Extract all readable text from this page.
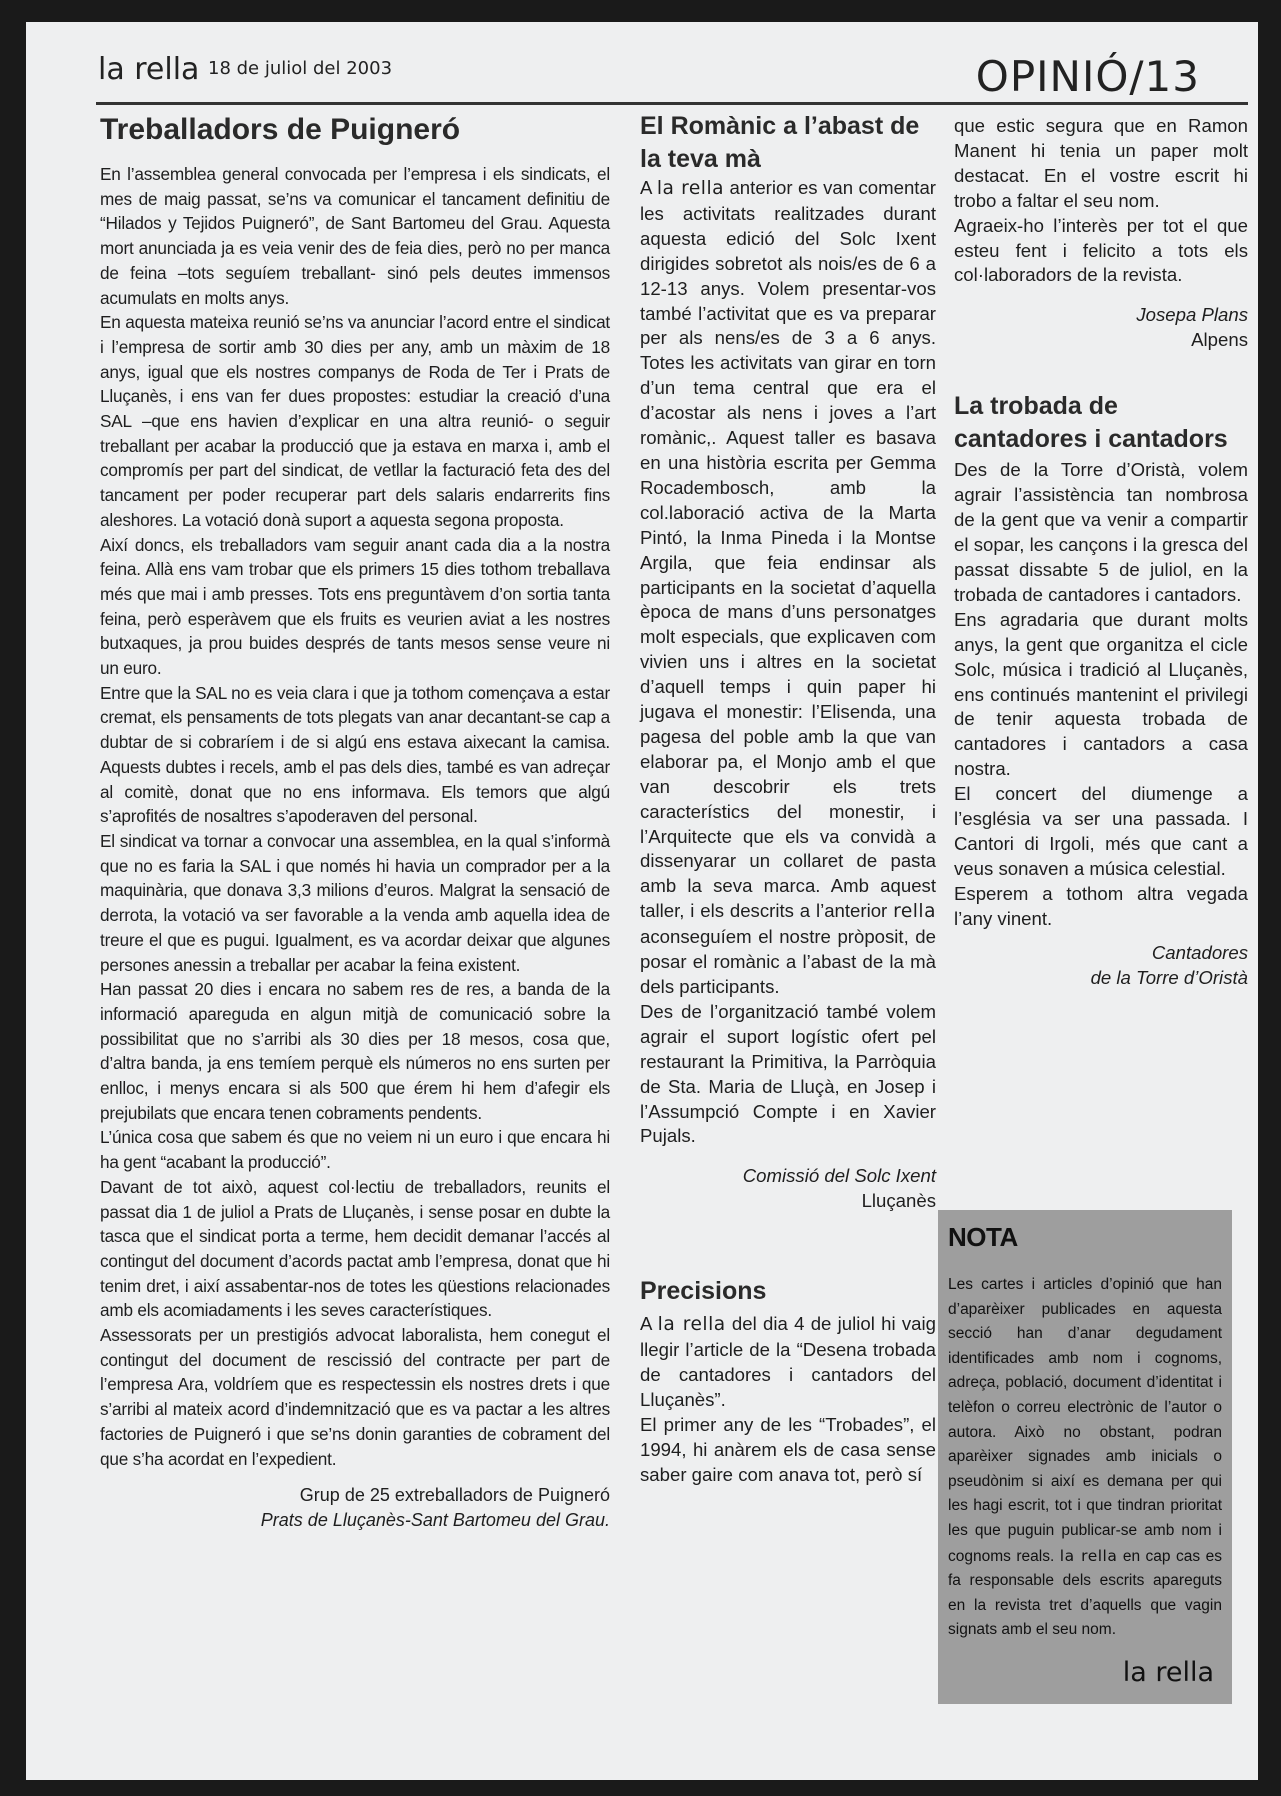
la rella 18 de juliol del 2003	OPINIÓ/13
Treballadors de Puigneró

En l’assemblea general convocada per l’empresa i els sindicats, el mes de maig passat, se’ns va comunicar el tancament definitiu de “Hilados y Tejidos Puigneró”, de Sant Bartomeu del Grau. Aquesta mort anunciada ja es veia venir des de feia dies, però no per manca de feina –tots seguíem treballant- sinó pels deutes immensos acumulats en molts anys.

En aquesta mateixa reunió se’ns va anunciar l’acord entre el sindicat i l’empresa de sortir amb 30 dies per any, amb un màxim de 18 anys, igual que els nostres companys de Roda de Ter i Prats de Lluçanès, i ens van fer dues propostes: estudiar la creació d’una SAL –que ens havien d’explicar en una altra reunió- o seguir treballant per acabar la producció que ja estava en marxa i, amb el compromís per part del sindicat, de vetllar la facturació feta des del tancament per poder recuperar part dels salaris endarrerits fins aleshores. La votació donà suport a aquesta segona proposta.

Així doncs, els treballadors vam seguir anant cada dia a la nostra feina. Allà ens vam trobar que els primers 15 dies tothom treballava més que mai i amb presses. Tots ens preguntàvem d’on sortia tanta feina, però esperàvem que els fruits es veurien aviat a les nostres butxaques, ja prou buides després de tants mesos sense veure ni un euro.

Entre que la SAL no es veia clara i que ja tothom començava a estar cremat, els pensaments de tots plegats van anar decantant-se cap a dubtar de si cobraríem i de si algú ens estava aixecant la camisa. Aquests dubtes i recels, amb el pas dels dies, també es van adreçar al comitè, donat que no ens informava. Els temors que algú s’aprofités de nosaltres s’apoderaven del personal.

El sindicat va tornar a convocar una assemblea, en la qual s’informà que no es faria la SAL i que només hi havia un comprador per a la maquinària, que donava 3,3 milions d’euros. Malgrat la sensació de derrota, la votació va ser favorable a la venda amb aquella idea de treure el que es pugui. Igualment, es va acordar deixar que algunes persones anessin a treballar per acabar la feina existent.

Han passat 20 dies i encara no sabem res de res, a banda de la informació apareguda en algun mitjà de comunicació sobre la possibilitat que no s’arribi als 30 dies per 18 mesos, cosa que, d’altra banda, ja ens temíem perquè els números no ens surten per enlloc, i menys encara si als 500 que érem hi hem d’afegir els prejubilats que encara tenen cobraments pendents.

L’única cosa que sabem és que no veiem ni un euro i que encara hi ha gent “acabant la producció”.

Davant de tot això, aquest col·lectiu de treballadors, reunits el passat dia 1 de juliol a Prats de Lluçanès, i sense posar en dubte la tasca que el sindicat porta a terme, hem decidit demanar l’accés al contingut del document d’acords pactat amb l’empresa, donat que hi tenim dret, i així assabentar-nos de totes les qüestions relacionades amb els acomiadaments i les seves característiques.

Assessorats per un prestigiós advocat laboralista, hem conegut el contingut del document de rescissió del contracte per part de l’empresa Ara, voldríem que es respectessin els nostres drets i que s’arribi al mateix acord d’indemnització que es va pactar a les altres factories de Puigneró i que se’ns donin garanties de cobrament del que s’ha acordat en l’expedient.

Grup de 25 extreballadors de Puigneró

Prats de Lluçanès-Sant Bartomeu del Grau.

El Romànic a l’abast de la teva mà

A la rella anterior es van comentar les activitats realitzades durant aquesta edició del Solc Ixent dirigides sobretot als nois/es de 6 a 12-13 anys. Volem presentar-vos també l’activitat que es va preparar per als nens/es de 3 a 6 anys. Totes les activitats van girar en torn d’un tema central que era el d’acostar als nens i joves a l’art romànic,. Aquest taller es basava en una història escrita per Gemma Rocadembosch, amb la col.laboració activa de la Marta Pintó, la Inma Pineda i la Montse Argila, que feia endinsar als participants en la societat d’aquella època de mans d’uns personatges molt especials, que explicaven com vivien uns i altres en la societat d’aquell temps i quin paper hi jugava el monestir: l’Elisenda, una pagesa del poble amb la que van elaborar pa, el Monjo amb el que van descobrir els trets característics del monestir, i l’Arquitecte que els va convidà a dissenyarar un collaret de pasta amb la seva marca. Amb aquest taller, i els descrits a l’anterior rella aconseguíem el nostre pròposit, de posar el romànic a l’abast de la mà dels participants.

Des de l’organització també volem agrair el suport logístic ofert pel restaurant la Primitiva, la Parròquia de Sta. Maria de Lluçà, en Josep i l’Assumpció Compte i en Xavier Pujals.

Comissió del Solc Ixent

Lluçanès

Precisions

A la rella del dia 4 de juliol hi vaig llegir l’article de la “Desena trobada de cantadores i cantadors del Lluçanès”.

El primer any de les “Trobades”, el 1994, hi anàrem els de casa sense saber gaire com anava tot, però sí

que estic segura que en Ramon Manent hi tenia un paper molt destacat. En el vostre escrit hi trobo a faltar el seu nom.

Agraeix-ho l’interès per tot el que esteu fent i felicito a tots els col·laboradors de la revista.

Josepa Plans

Alpens

La trobada de cantadores i cantadors

Des de la Torre d’Oristà, volem agrair l’assistència tan nombrosa de la gent que va venir a compartir el sopar, les cançons i la gresca del passat dissabte 5 de juliol, en la trobada de cantadores i cantadors.

Ens agradaria que durant molts anys, la gent que organitza el cicle Solc, música i tradició al Lluçanès, ens continués mantenint el privilegi de tenir aquesta trobada de cantadores i cantadors a casa nostra.

El concert del diumenge a l’església va ser una passada. I Cantori di Irgoli, més que cant a veus sonaven a música celestial.

Esperem a tothom altra vegada l’any vinent.

Cantadores

de la Torre d’Oristà

NOTA

Les cartes i articles d’opinió que han d’aparèixer publicades en aquesta secció han d’anar degudament identificades amb nom i cognoms, adreça, població, document d’identitat i telèfon o correu electrònic de l’autor o autora. Això no obstant, podran aparèixer signades amb inicials o pseudònim si així es demana per qui les hagi escrit, tot i que tindran prioritat les que puguin publicar-se amb nom i cognoms reals. la rella en cap cas es fa responsable dels escrits apareguts en la revista tret d’aquells que vagin signats amb el seu nom.

la rella
